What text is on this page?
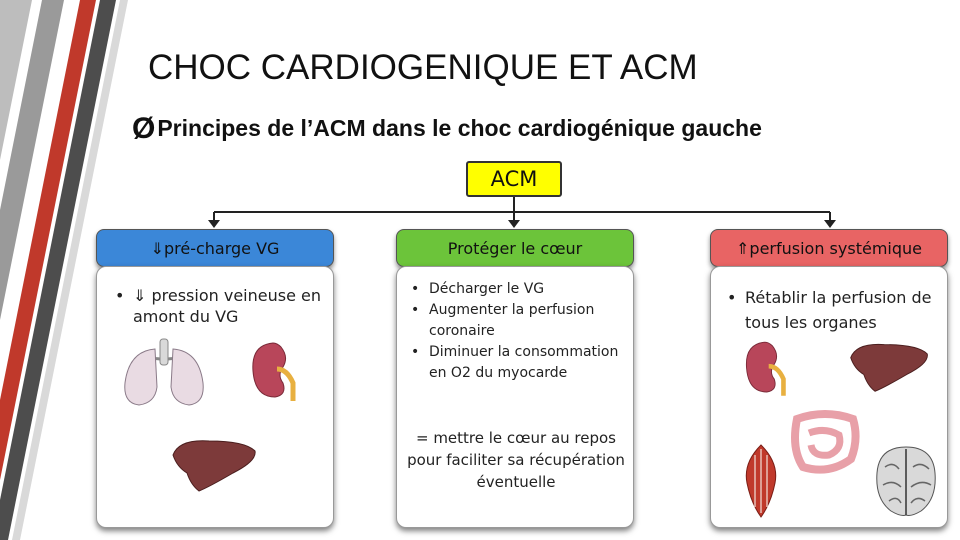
CHOC CARDIOGENIQUE ET ACM
ØPrincipes de l’ACM dans le choc cardiogénique gauche
ACM
⇓pré-charge VG	Protéger le cœur	⇑perfusion systémique
• ⇓ pression veineuse en amont du VG
• Décharger le VG
• Augmenter la perfusion coronaire
• Diminuer la consommation en O2 du myocarde
= mettre le cœur au repos pour faciliter sa récupération éventuelle
• Rétablir la perfusion de tous les organes
